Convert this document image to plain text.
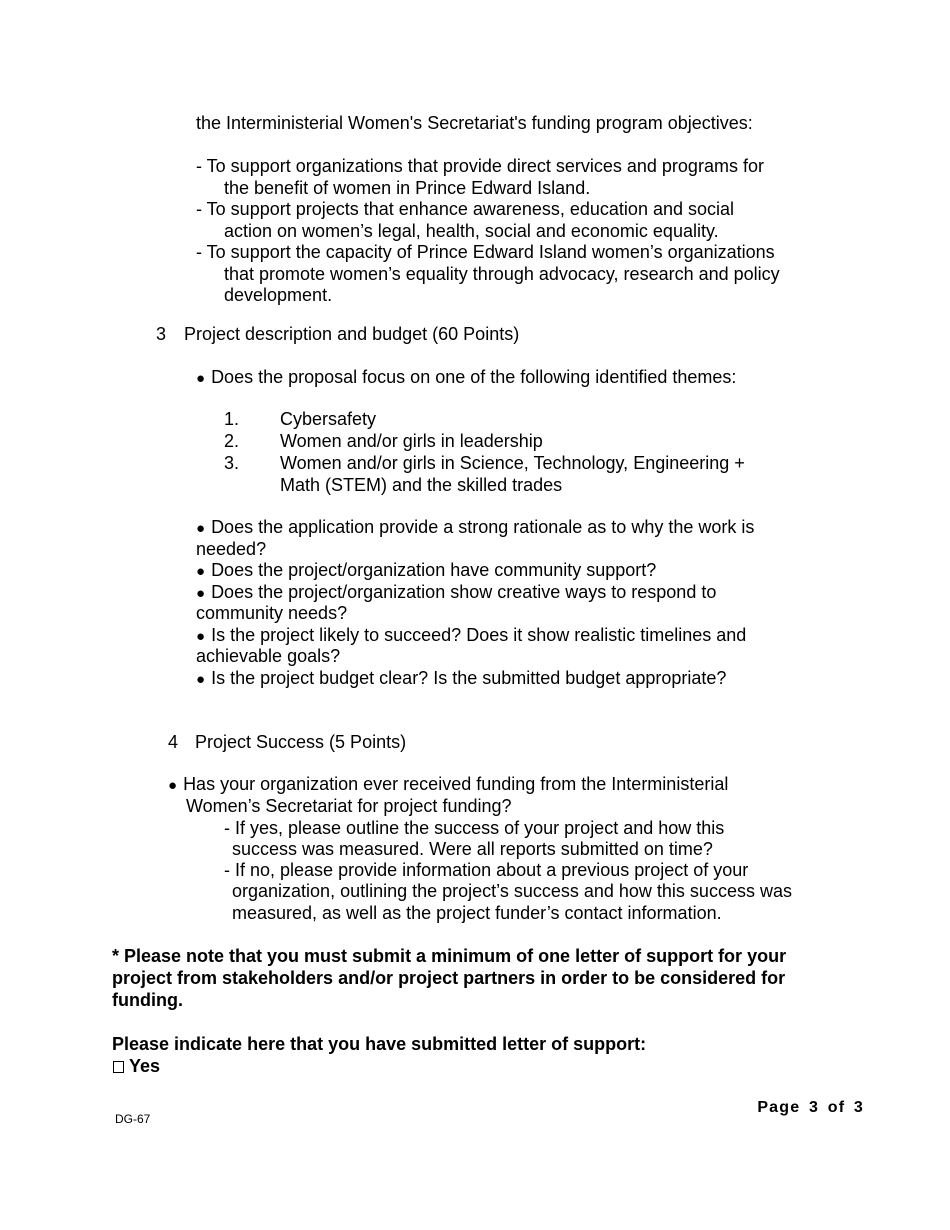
the Interministerial Women's Secretariat's funding program objectives:

- To support organizations that provide direct services and programs for

the benefit of women in Prince Edward Island.

- To support projects that enhance awareness, education and social

action on women’s legal, health, social and economic equality.

- To support the capacity of Prince Edward Island women’s organizations

that promote women’s equality through advocacy, research and policy

development.

3 Project description and budget (60 Points)

● Does the proposal focus on one of the following identified themes:

1. Cybersafety

2. Women and/or girls in leadership

3. Women and/or girls in Science, Technology, Engineering +

Math (STEM) and the skilled trades

● Does the application provide a strong rationale as to why the work is

needed?

● Does the project/organization have community support?

● Does the project/organization show creative ways to respond to

community needs?

● Is the project likely to succeed? Does it show realistic timelines and

achievable goals?

● Is the project budget clear? Is the submitted budget appropriate?

4 Project Success (5 Points)

● Has your organization ever received funding from the Interministerial

Women’s Secretariat for project funding?

- If yes, please outline the success of your project and how this

success was measured. Were all reports submitted on time?

- If no, please provide information about a previous project of your

organization, outlining the project’s success and how this success was

measured, as well as the project funder’s contact information.

* Please note that you must submit a minimum of one letter of support for your

project from stakeholders and/or project partners in order to be considered for

funding.

Please indicate here that you have submitted letter of support:

Yes

Page 3 of 3

DG-67
